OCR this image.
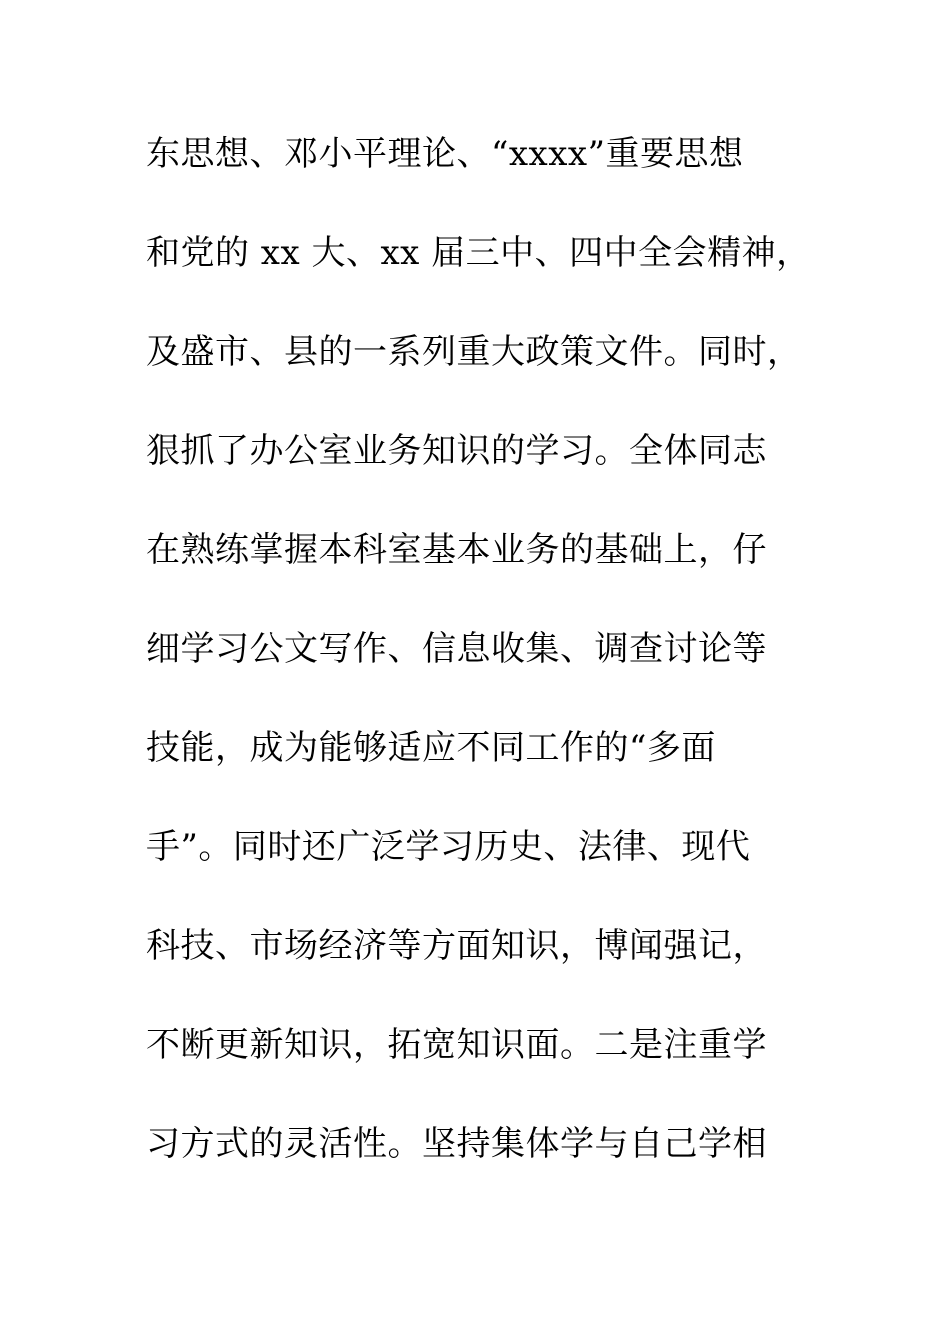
东思想、邓小平理论、“xxxx”重要思想
和党的 xx 大、xx 届三中、四中全会精神，
及盛市、县的一系列重大政策文件。同时，
狠抓了办公室业务知识的学习。全体同志
在熟练掌握本科室基本业务的基础上，仔
细学习公文写作、信息收集、调查讨论等
技能，成为能够适应不同工作的“多面
手”。同时还广泛学习历史、法律、现代
科技、市场经济等方面知识，博闻强记，
不断更新知识，拓宽知识面。二是注重学
习方式的灵活性。坚持集体学与自己学相
